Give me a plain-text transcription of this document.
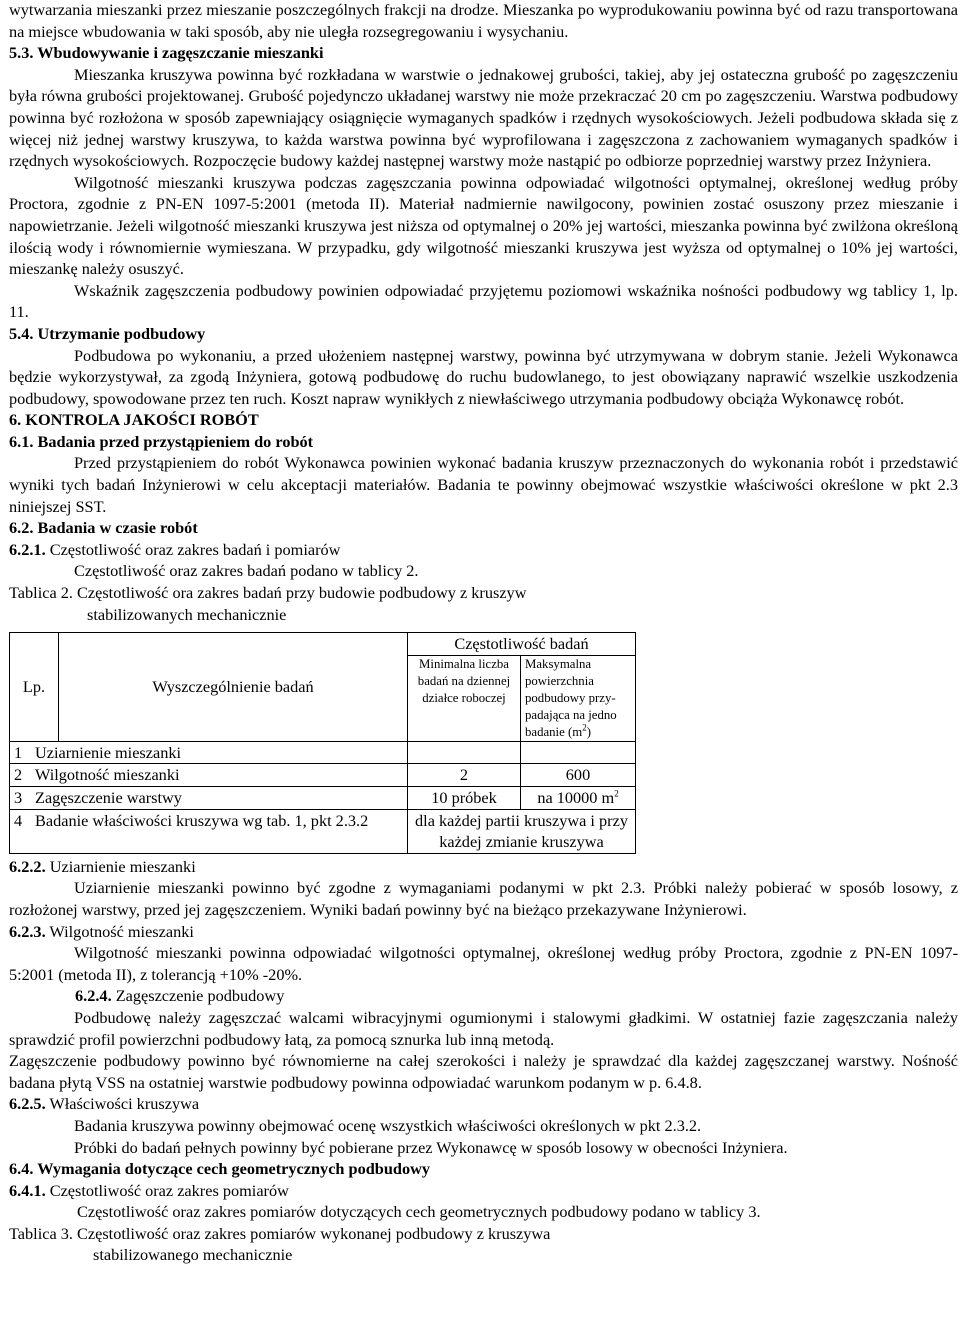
wytwarzania mieszanki przez mieszanie poszczególnych frakcji na drodze. Mieszanka po wyprodukowaniu powinna być od razu transportowana na miejsce wbudowania w taki sposób, aby nie uległa rozsegregowaniu i wysychaniu.

5.3. Wbudowywanie i zagęszczanie mieszanki

Mieszanka kruszywa powinna być rozkładana w warstwie o jednakowej grubości, takiej, aby jej ostateczna grubość po zagęszczeniu była równa grubości projektowanej. Grubość pojedynczo układanej warstwy nie może przekraczać 20 cm po zagęszczeniu. Warstwa podbudowy powinna być rozłożona w sposób zapewniający osiągnięcie wymaganych spadków i rzędnych wysokościowych. Jeżeli podbudowa składa się z więcej niż jednej warstwy kruszywa, to każda warstwa powinna być wyprofilowana i zagęszczona z zachowaniem wymaganych spadków i rzędnych wysokościowych. Rozpoczęcie budowy każdej następnej warstwy może nastąpić po odbiorze poprzedniej warstwy przez Inżyniera.

Wilgotność mieszanki kruszywa podczas zagęszczania powinna odpowiadać wilgotności optymalnej, określonej według próby Proctora, zgodnie z PN-EN 1097-5:2001 (metoda II). Materiał nadmiernie nawilgocony, powinien zostać osuszony przez mieszanie i napowietrzanie. Jeżeli wilgotność mieszanki kruszywa jest niższa od optymalnej o 20% jej wartości, mieszanka powinna być zwilżona określoną ilością wody i równomiernie wymieszana. W przypadku, gdy wilgotność mieszanki kruszywa jest wyższa od optymalnej o 10% jej wartości, mieszankę należy osuszyć.

Wskaźnik zagęszczenia podbudowy powinien odpowiadać przyjętemu poziomowi wskaźnika nośności podbudowy wg tablicy 1, lp. 11.

5.4. Utrzymanie podbudowy

Podbudowa po wykonaniu, a przed ułożeniem następnej warstwy, powinna być utrzymywana w dobrym stanie. Jeżeli Wykonawca będzie wykorzystywał, za zgodą Inżyniera, gotową podbudowę do ruchu budowlanego, to jest obowiązany naprawić wszelkie uszkodzenia podbudowy, spowodowane przez ten ruch. Koszt napraw wynikłych z niewłaściwego utrzymania podbudowy obciąża Wykonawcę robót.

6. KONTROLA JAKOŚCI ROBÓT

6.1. Badania przed przystąpieniem do robót

Przed przystąpieniem do robót Wykonawca powinien wykonać badania kruszyw przeznaczonych do wykonania robót i przedstawić wyniki tych badań Inżynierowi w celu akceptacji materiałów. Badania te powinny obejmować wszystkie właściwości określone w pkt 2.3 niniejszej SST.

6.2. Badania w czasie robót

6.2.1. Częstotliwość oraz zakres badań i pomiarów

Częstotliwość oraz zakres badań podano w tablicy 2.

Tablica 2. Częstotliwość ora zakres badań przy budowie podbudowy z kruszyw

stabilizowanych mechanicznie

Lp.		Wyszczególnienie badań	Częstotliwość badań	
			Minimalna liczba badań na dziennej działce roboczej	Maksymalna powierzchnia podbudowy przy-padająca na jedno badanie $(m^2)$
1	Uziarnienie mieszanki			
2	Wilgotność mieszanki		2	600
3	Zagęszczenie warstwy		10 próbek	na 10000 $m^2$
4	Badanie właściwości kruszywa wg tab. 1, pkt 2.3.2		dla każdej partii kruszywa i przy każdej zmianie kruszywa	

6.2.2. Uziarnienie mieszanki

Uziarnienie mieszanki powinno być zgodne z wymaganiami podanymi w pkt 2.3. Próbki należy pobierać w sposób losowy, z rozłożonej warstwy, przed jej zagęszczeniem. Wyniki badań powinny być na bieżąco przekazywane Inżynierowi.

6.2.3. Wilgotność mieszanki

Wilgotność mieszanki powinna odpowiadać wilgotności optymalnej, określonej według próby Proctora, zgodnie z PN-EN 1097-5:2001 (metoda II), z tolerancją +10% -20%.

6.2.4. Zagęszczenie podbudowy

Podbudowę należy zagęszczać walcami wibracyjnymi ogumionymi i stalowymi gładkimi. W ostatniej fazie zagęszczania należy sprawdzić profil powierzchni podbudowy łatą, za pomocą sznurka lub inną metodą.

Zagęszczenie podbudowy powinno być równomierne na całej szerokości i należy je sprawdzać dla każdej zagęszczanej warstwy. Nośność badana płytą VSS na ostatniej warstwie podbudowy powinna odpowiadać warunkom podanym w p. 6.4.8.

6.2.5. Właściwości kruszywa

Badania kruszywa powinny obejmować ocenę wszystkich właściwości określonych w pkt 2.3.2.

Próbki do badań pełnych powinny być pobierane przez Wykonawcę w sposób losowy w obecności Inżyniera.

6.4. Wymagania dotyczące cech geometrycznych podbudowy

6.4.1. Częstotliwość oraz zakres pomiarów

Częstotliwość oraz zakres pomiarów dotyczących cech geometrycznych podbudowy podano w tablicy 3.

Tablica 3. Częstotliwość oraz zakres pomiarów wykonanej podbudowy z kruszywa

stabilizowanego mechanicznie
